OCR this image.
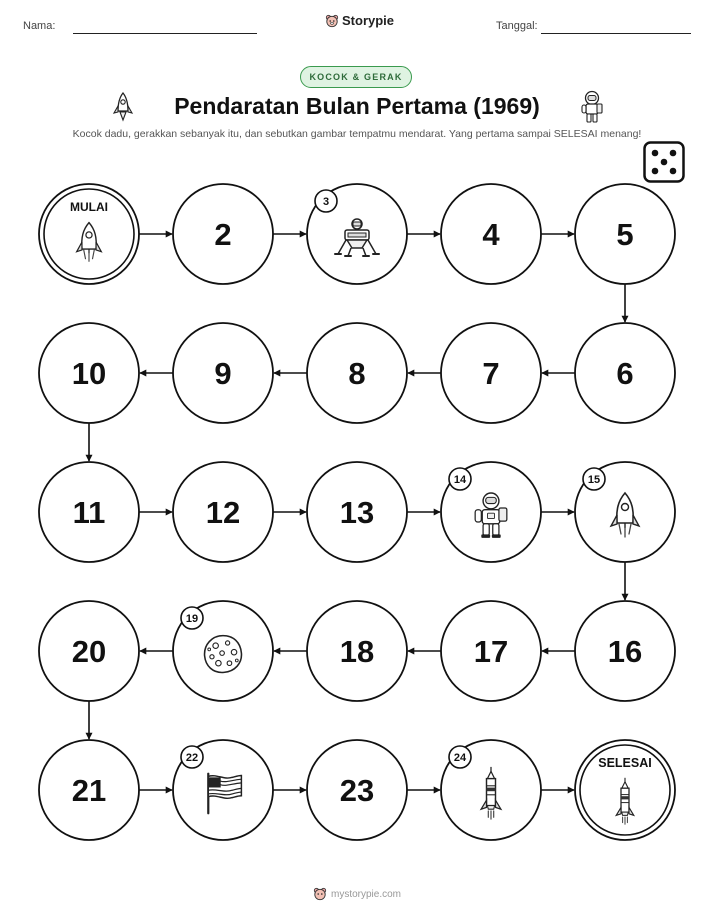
Nama:	Storypie	Tanggal:
KOCOK & GERAK
Pendaratan Bulan Pertama (1969)
Kocok dadu, gerakkan sebanyak itu, dan sebutkan gambar tempatmu mendarat. Yang pertama sampai SELESAI menang!
MULAI
2
3
4	5
6
7
8
9
10
11	12	13
14	15
16
17
18
19
20
21
22
23
24	SELESAI
mystorypie.com
